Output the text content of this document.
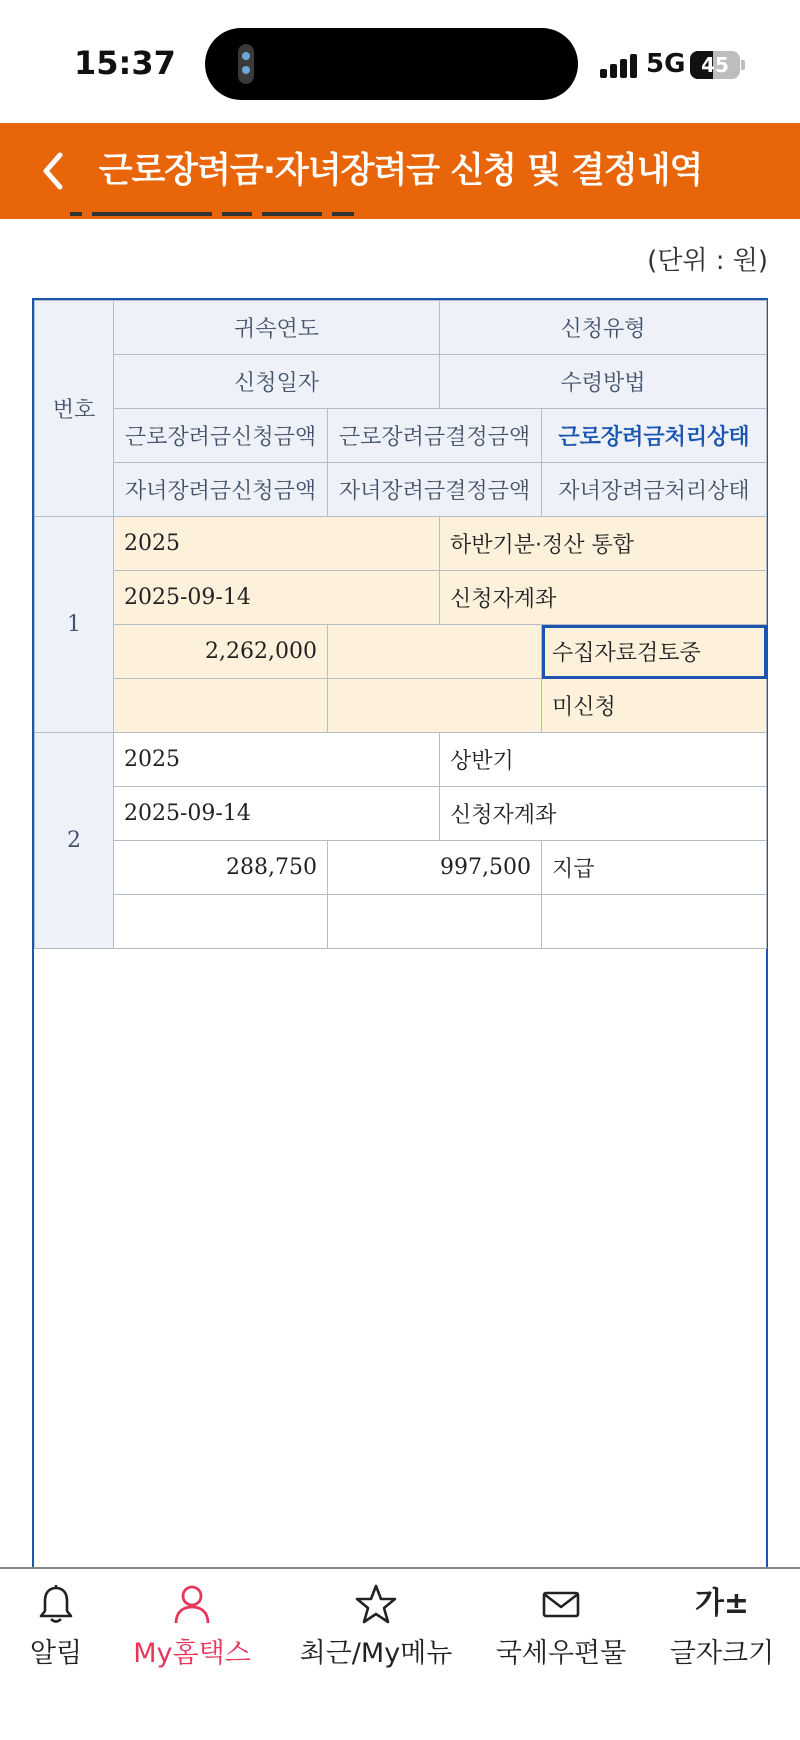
15:37	5G 45
근로장려금·자녀장려금 신청 및 결정내역
(단위 : 원)
번호	귀속연도		신청유형	
	신청일자		수령방법	
	근로장려금신청금액	근로장려금결정금액		근로장려금처리상태
	자녀장려금신청금액	자녀장려금결정금액		자녀장려금처리상태
1	2025		하반기분·정산 통합	
	2025-09-14		신청자계좌	
	2,262,000			수집자료검토중
				미신청
2	2025		상반기	
	2025-09-14		신청자계좌	
	288,750	997,500		지급

알림	My홈택스 최근/My메뉴 국세우편물
가±
글자크기
